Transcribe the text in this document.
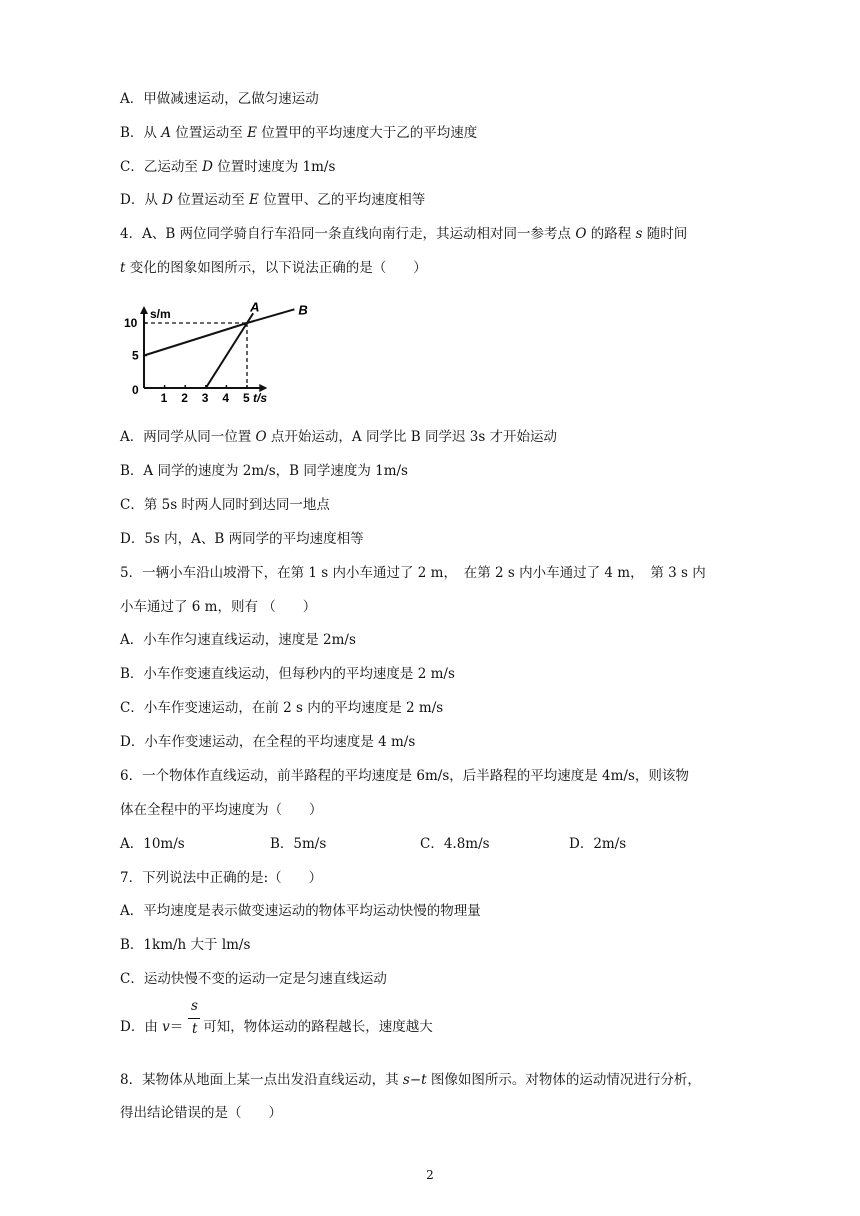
A．甲做减速运动，乙做匀速运动
B．从 A 位置运动至 E 位置甲的平均速度大于乙的平均速度
C．乙运动至 D 位置时速度为 1m/s
D．从 D 位置运动至 E 位置甲、乙的平均速度相等
4．A、B 两位同学骑自行车沿同一条直线向南行走，其运动相对同一参考点 O 的路程 s 随时间
t 变化的图象如图所示，以下说法正确的是（　　）
s/m
t/s
1 2 3 4 5
0
5
10
A	B
A．两同学从同一位置 O 点开始运动，A 同学比 B 同学迟 3s 才开始运动
B．A 同学的速度为 2m/s，B 同学速度为 1m/s
C．第 5s 时两人同时到达同一地点
D．5s 内，A、B 两同学的平均速度相等
5．一辆小车沿山坡滑下，在第 1 s 内小车通过了 2 m，　在第 2 s 内小车通过了 4 m，　第 3 s 内
小车通过了 6 m，则有 （　　）
A．小车作匀速直线运动，速度是 2m/s
B．小车作变速直线运动，但每秒内的平均速度是 2 m/s
C．小车作变速运动，在前 2 s 内的平均速度是 2 m/s
D．小车作变速运动，在全程的平均速度是 4 m/s
6．一个物体作直线运动，前半路程的平均速度是 6m/s，后半路程的平均速度是 4m/s，则该物
体在全程中的平均速度为（　　）
A．10m/s	B．5m/s	C．4.8m/s	D．2m/s
7．下列说法中正确的是:（　　）
A．平均速度是表示做变速运动的物体平均运动快慢的物理量
B．1km/h 大于 lm/s
C．运动快慢不变的运动一定是匀速直线运动
D．由 v＝ 可知，物体运动的路程越长，速度越大
s
t
8．某物体从地面上某一点出发沿直线运动，其 s−t 图像如图所示。对物体的运动情况进行分析，
得出结论错误的是（　　）
2
